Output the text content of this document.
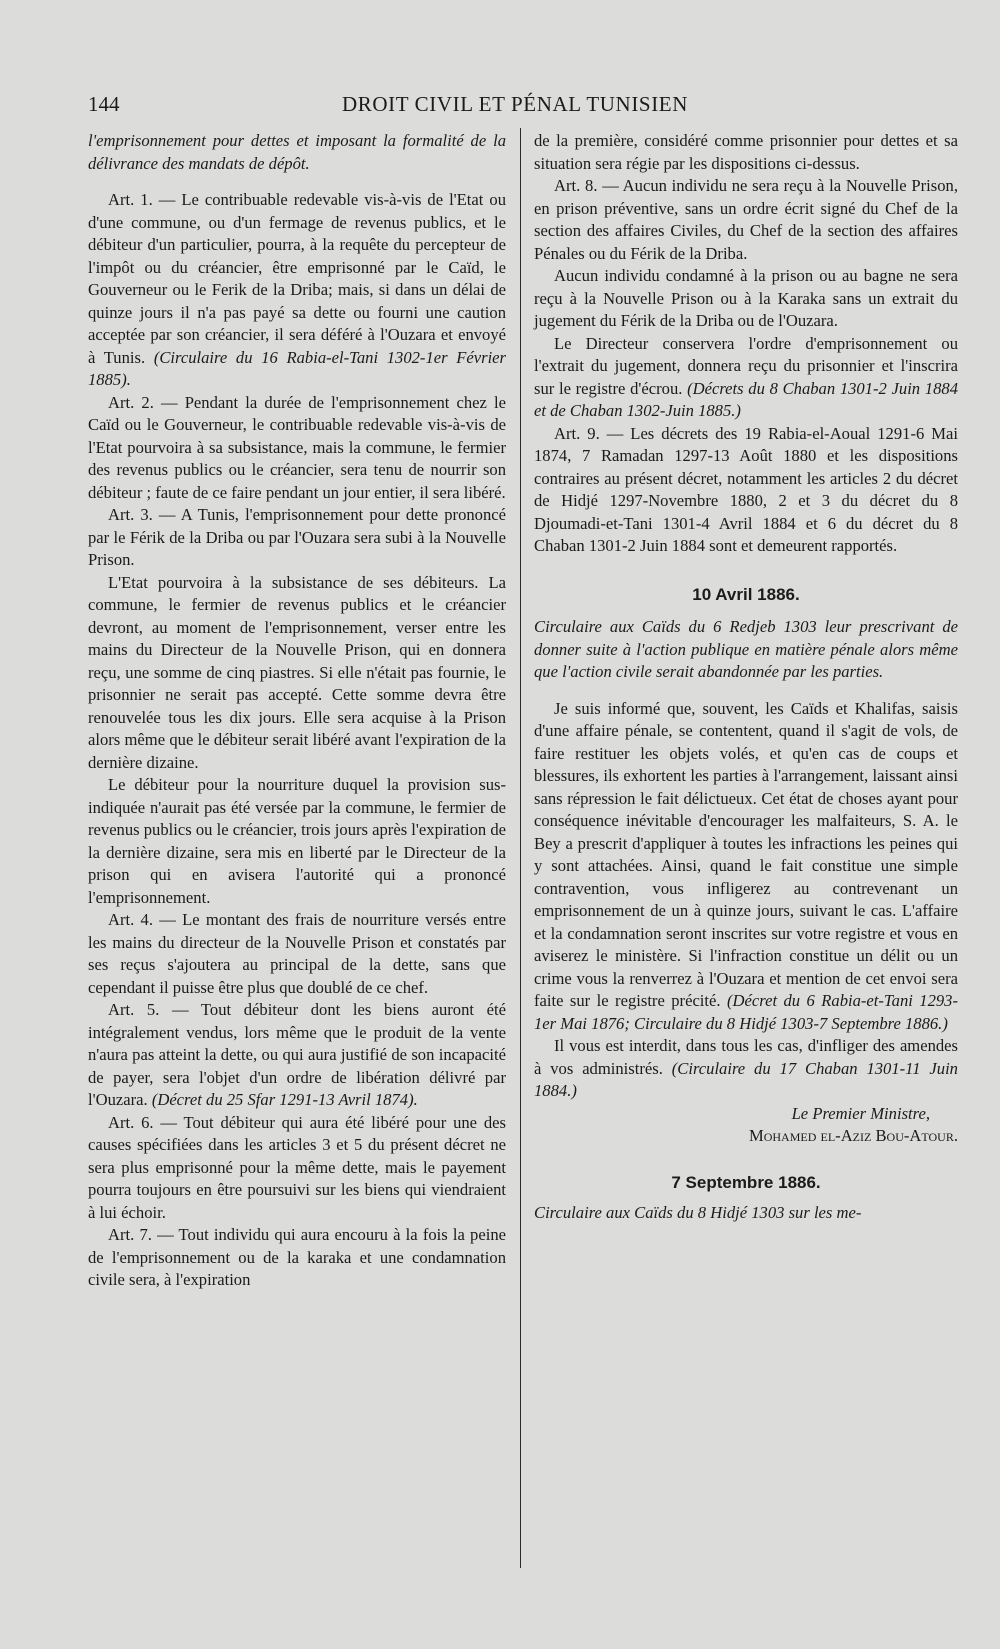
144	DROIT CIVIL ET PÉNAL TUNISIEN

l'emprisonnement pour dettes et imposant la formalité de la délivrance des mandats de dépôt.

Art. 1. — Le contribuable redevable vis-à-vis de l'Etat ou d'une commune, ou d'un fermage de revenus publics, et le débiteur d'un particulier, pourra, à la requête du percepteur de l'impôt ou du créancier, être emprisonné par le Caïd, le Gouverneur ou le Ferik de la Driba; mais, si dans un délai de quinze jours il n'a pas payé sa dette ou fourni une caution acceptée par son créancier, il sera déféré à l'Ouzara et envoyé à Tunis. (Circulaire du 16 Rabia-el-Tani 1302-1er Février 1885).

Art. 2. — Pendant la durée de l'emprisonnement chez le Caïd ou le Gouverneur, le contribuable redevable vis-à-vis de l'Etat pourvoira à sa subsistance, mais la commune, le fermier des revenus publics ou le créancier, sera tenu de nourrir son débiteur ; faute de ce faire pendant un jour entier, il sera libéré.

Art. 3. — A Tunis, l'emprisonnement pour dette prononcé par le Férik de la Driba ou par l'Ouzara sera subi à la Nouvelle Prison.

L'Etat pourvoira à la subsistance de ses débiteurs. La commune, le fermier de revenus publics et le créancier devront, au moment de l'emprisonnement, verser entre les mains du Directeur de la Nouvelle Prison, qui en donnera reçu, une somme de cinq piastres. Si elle n'était pas fournie, le prisonnier ne serait pas accepté. Cette somme devra être renouvelée tous les dix jours. Elle sera acquise à la Prison alors même que le débiteur serait libéré avant l'expiration de la dernière dizaine.

Le débiteur pour la nourriture duquel la provision sus-indiquée n'aurait pas été versée par la commune, le fermier de revenus publics ou le créancier, trois jours après l'expiration de la dernière dizaine, sera mis en liberté par le Directeur de la prison qui en avisera l'autorité qui a prononcé l'emprisonnement.

Art. 4. — Le montant des frais de nourriture versés entre les mains du directeur de la Nouvelle Prison et constatés par ses reçus s'ajoutera au principal de la dette, sans que cependant il puisse être plus que doublé de ce chef.

Art. 5. — Tout débiteur dont les biens auront été intégralement vendus, lors même que le produit de la vente n'aura pas atteint la dette, ou qui aura justifié de son incapacité de payer, sera l'objet d'un ordre de libération délivré par l'Ouzara. (Décret du 25 Sfar 1291-13 Avril 1874).

Art. 6. — Tout débiteur qui aura été libéré pour une des causes spécifiées dans les articles 3 et 5 du présent décret ne sera plus emprisonné pour la même dette, mais le payement pourra toujours en être poursuivi sur les biens qui viendraient à lui échoir.

Art. 7. — Tout individu qui aura encouru à la fois la peine de l'emprisonnement ou de la karaka et une condamnation civile sera, à l'expiration

de la première, considéré comme prisonnier pour dettes et sa situation sera régie par les dispositions ci-dessus.

Art. 8. — Aucun individu ne sera reçu à la Nouvelle Prison, en prison préventive, sans un ordre écrit signé du Chef de la section des affaires Civiles, du Chef de la section des affaires Pénales ou du Férik de la Driba.

Aucun individu condamné à la prison ou au bagne ne sera reçu à la Nouvelle Prison ou à la Karaka sans un extrait du jugement du Férik de la Driba ou de l'Ouzara.

Le Directeur conservera l'ordre d'emprisonnement ou l'extrait du jugement, donnera reçu du prisonnier et l'inscrira sur le registre d'écrou. (Décrets du 8 Chaban 1301-2 Juin 1884 et de Chaban 1302-Juin 1885.)

Art. 9. — Les décrets des 19 Rabia-el-Aoual 1291-6 Mai 1874, 7 Ramadan 1297-13 Août 1880 et les dispositions contraires au présent décret, notamment les articles 2 du décret de Hidjé 1297-Novembre 1880, 2 et 3 du décret du 8 Djoumadi-et-Tani 1301-4 Avril 1884 et 6 du décret du 8 Chaban 1301-2 Juin 1884 sont et demeurent rapportés.

10 Avril 1886.

Circulaire aux Caïds du 6 Redjeb 1303 leur prescrivant de donner suite à l'action publique en matière pénale alors même que l'action civile serait abandonnée par les parties.

Je suis informé que, souvent, les Caïds et Khalifas, saisis d'une affaire pénale, se contentent, quand il s'agit de vols, de faire restituer les objets volés, et qu'en cas de coups et blessures, ils exhortent les parties à l'arrangement, laissant ainsi sans répression le fait délictueux. Cet état de choses ayant pour conséquence inévitable d'encourager les malfaiteurs, S. A. le Bey a prescrit d'appliquer à toutes les infractions les peines qui y sont attachées. Ainsi, quand le fait constitue une simple contravention, vous infligerez au contrevenant un emprisonnement de un à quinze jours, suivant le cas. L'affaire et la condamnation seront inscrites sur votre registre et vous en aviserez le ministère. Si l'infraction constitue un délit ou un crime vous la renverrez à l'Ouzara et mention de cet envoi sera faite sur le registre précité. (Décret du 6 Rabia-et-Tani 1293-1er Mai 1876; Circulaire du 8 Hidjé 1303-7 Septembre 1886.)

Il vous est interdit, dans tous les cas, d'infliger des amendes à vos administrés. (Circulaire du 17 Chaban 1301-11 Juin 1884.)

Le Premier Ministre,

Mohamed el-Aziz Bou-Atour.

7 Septembre 1886.

Circulaire aux Caïds du 8 Hidjé 1303 sur les me-
